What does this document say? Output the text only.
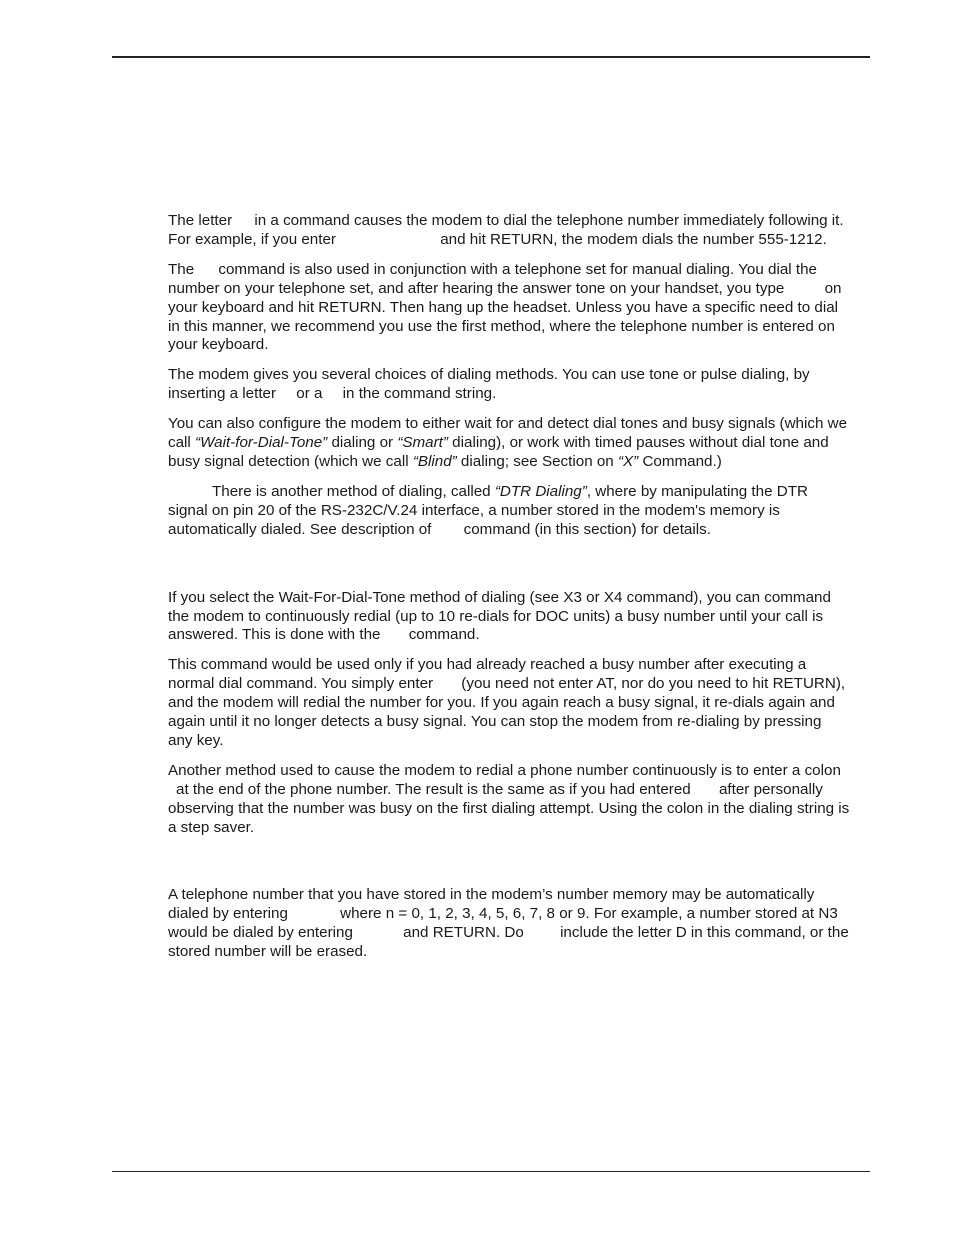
The letter in a command causes the modem to dial the telephone number immediately following it.
For example, if you enter	and hit RETURN, the modem dials the number 555-1212.

The command is also used in conjunction with a telephone set for manual dialing. You dial the
number on your telephone set, and after hearing the answer tone on your handset, you type on
your keyboard and hit RETURN. Then hang up the headset. Unless you have a specific need to dial
in this manner, we recommend you use the first method, where the telephone number is entered on
your keyboard.

The modem gives you several choices of dialing methods. You can use tone or pulse dialing, by
inserting a letter or a in the command string.

You can also configure the modem to either wait for and detect dial tones and busy signals (which we
call “Wait-for-Dial-Tone” dialing or “Smart” dialing), or work with timed pauses without dial tone and
busy signal detection (which we call “Blind” dialing; see Section on “X” Command.)

There is another method of dialing, called “DTR Dialing”, where by manipulating the DTR
signal on pin 20 of the RS-232C/V.24 interface, a number stored in the modem's memory is
automatically dialed. See description of command (in this section) for details.

If you select the Wait-For-Dial-Tone method of dialing (see X3 or X4 command), you can command
the modem to continuously redial (up to 10 re-dials for DOC units) a busy number until your call is
answered. This is done with the command.

This command would be used only if you had already reached a busy number after executing a
normal dial command. You simply enter (you need not enter AT, nor do you need to hit RETURN),
and the modem will redial the number for you. If you again reach a busy signal, it re-dials again and
again until it no longer detects a busy signal. You can stop the modem from re-dialing by pressing
any key.

Another method used to cause the modem to redial a phone number continuously is to enter a colon
at the end of the phone number. The result is the same as if you had entered after personally
observing that the number was busy on the first dialing attempt. Using the colon in the dialing string is
a step saver.

A telephone number that you have stored in the modem’s number memory may be automatically
dialed by entering	where n = 0, 1, 2, 3, 4, 5, 6, 7, 8 or 9. For example, a number stored at N3
would be dialed by entering	and RETURN. Do include the letter D in this command, or the
stored number will be erased.
